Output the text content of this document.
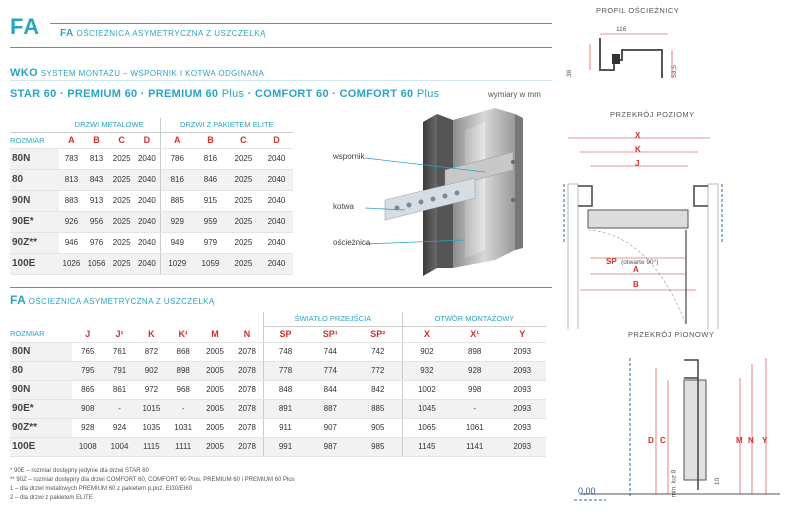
FA FA OŚCIEŻNICA ASYMETRYCZNA Z USZCZELKĄ
WKO SYSTEM MONTAŻU – WSPORNIK I KOTWA ODGINANA
STAR 60 · PREMIUM 60 · PREMIUM 60 Plus · COMFORT 60 · COMFORT 60 Plus	wymiary w mm
	DRZWI METALOWE				DRZWI Z PAKIETEM ELITE			
ROZMIAR	A	B	C	D	A	B	C	D
80N	783	813	2025	2040	786	816	2025	2040
80	813	843	2025	2040	816	846	2025	2040
90N	883	913	2025	2040	885	915	2025	2040
90E*	926	956	2025	2040	929	959	2025	2040
90Z**	946	976	2025	2040	949	979	2025	2040
100E	1026	1056	2025	2040	1029	1059	2025	2040
wspornik
kotwa
ościeżnica
FA OŚCIEŻNICA ASYMETRYCZNA Z USZCZELKĄ
							ŚWIATŁO PRZEJŚCIA			OTWÓR MONTAŻOWY		
ROZMIAR	J	J¹	K	K¹	M	N	SP	SP¹	SP²	X	X¹	Y
80N	765	761	872	868	2005	2078	748	744	742	902	898	2093
80	795	791	902	898	2005	2078	778	774	772	932	928	2093
90N	865	861	972	968	2005	2078	848	844	842	1002	998	2093
90E*	908	-	1015	-	2005	2078	891	887	885	1045	-	2093
90Z**	928	924	1035	1031	2005	2078	911	907	905	1065	1061	2093
100E	1008	1004	1115	1111	2005	2078	991	987	985	1145	1141	2093
* 90E – rozmiar dostępny jedynie dla drzwi STAR 60
** 90Z – rozmiar dostępny dla drzwi COMFORT 60, COMFORT 60 Plus, PREMIUM 60 i PREMIUM 60 Plus
1 – dla drzwi metalowych PREMIUM 60 z pakietem p.poż. EI30/EI60
2 – dla drzwi z pakietem ELITE
PROFIL OŚCIEŻNICY
116
38	53,5
PRZEKRÓJ POZIOMY
X
K
J
SP (otwarte 90°)
A
B
PRZEKRÓJ PIONOWY
D C	M N Y
min. luz 8	10
0,00
